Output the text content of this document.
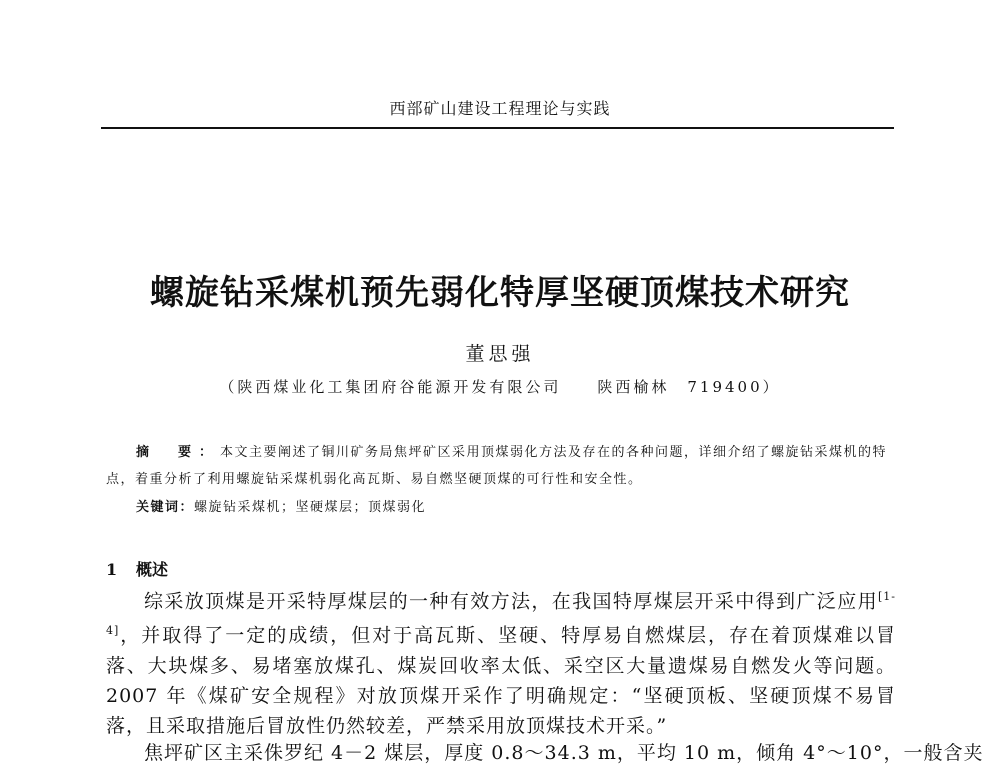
西部矿山建设工程理论与实践
螺旋钻采煤机预先弱化特厚坚硬顶煤技术研究
董思强
（陕西煤业化工集团府谷能源开发有限公司　　陕西榆林　719400）
摘　要：本文主要阐述了铜川矿务局焦坪矿区采用顶煤弱化方法及存在的各种问题，详细介绍了螺旋钻采煤机的特点，着重分析了利用螺旋钻采煤机弱化高瓦斯、易自燃坚硬顶煤的可行性和安全性。
关键词：螺旋钻采煤机；坚硬煤层；顶煤弱化
1 概述
综采放顶煤是开采特厚煤层的一种有效方法，在我国特厚煤层开采中得到广泛应用[1-4]，并取得了一定的成绩，但对于高瓦斯、坚硬、特厚易自燃煤层，存在着顶煤难以冒落、大块煤多、易堵塞放煤孔、煤炭回收率太低、采空区大量遗煤易自燃发火等问题。2007 年《煤矿安全规程》对放顶煤开采作了明确规定：“坚硬顶板、坚硬顶煤不易冒落，且采取措施后冒放性仍然较差，严禁采用放顶煤技术开采。”
焦坪矿区主采侏罗纪 4－2 煤层，厚度 0.8～34.3 m，平均 10 m，倾角 4°～10°，一般含夹
